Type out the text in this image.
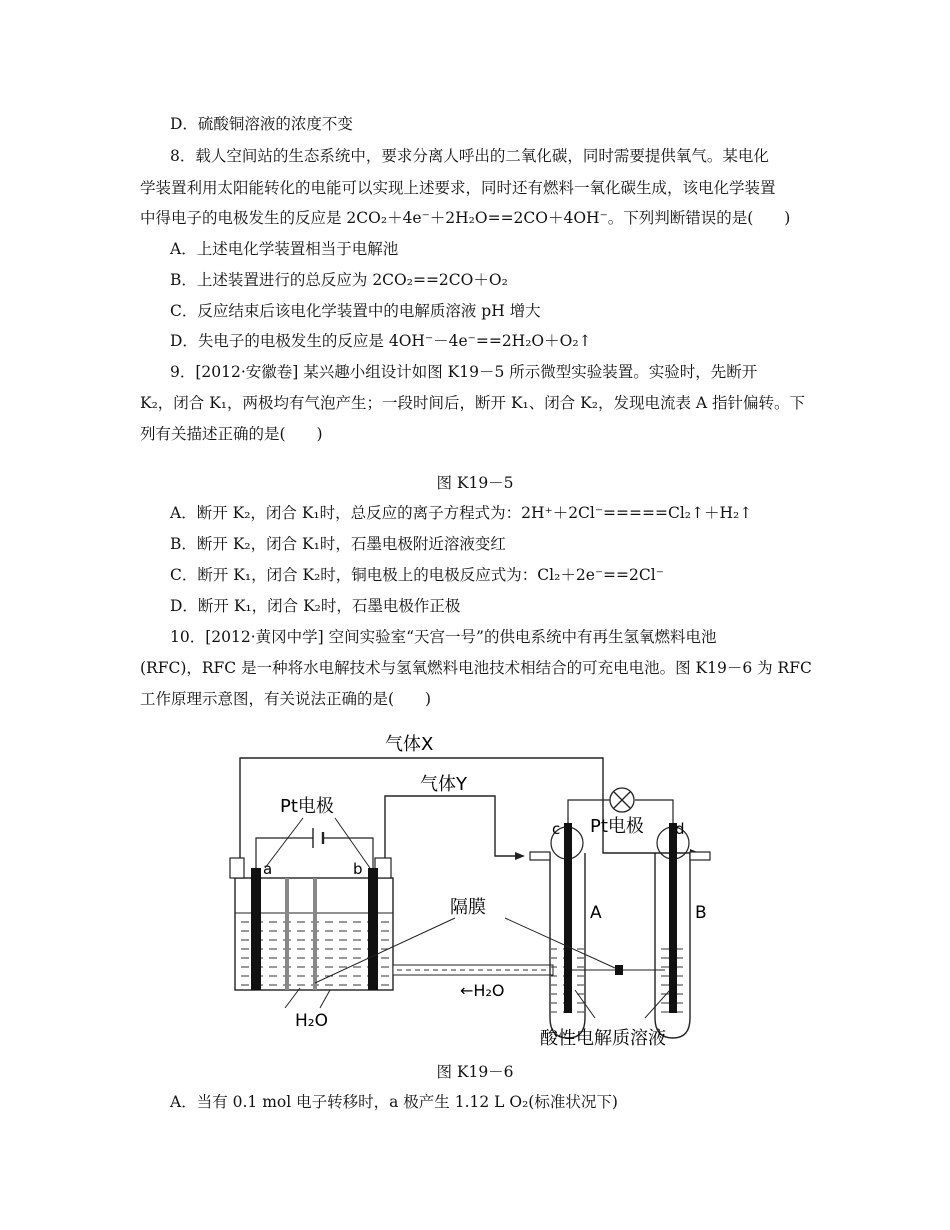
D．硫酸铜溶液的浓度不变
8．载人空间站的生态系统中，要求分离人呼出的二氧化碳，同时需要提供氧气。某电化
学装置利用太阳能转化的电能可以实现上述要求，同时还有燃料一氧化碳生成，该电化学装置
中得电子的电极发生的反应是 2CO₂＋4e⁻＋2H₂O==2CO＋4OH⁻。下列判断错误的是(　　)
A．上述电化学装置相当于电解池
B．上述装置进行的总反应为 2CO₂==2CO＋O₂
C．反应结束后该电化学装置中的电解质溶液 pH 增大
D．失电子的电极发生的反应是 4OH⁻－4e⁻==2H₂O＋O₂↑
9．[2012·安徽卷] 某兴趣小组设计如图 K19－5 所示微型实验装置。实验时，先断开
K₂，闭合 K₁，两极均有气泡产生；一段时间后，断开 K₁、闭合 K₂，发现电流表 A 指针偏转。下
列有关描述正确的是(　　)
图 K19－5
A．断开 K₂，闭合 K₁时，总反应的离子方程式为：2H⁺＋2Cl⁻=====Cl₂↑＋H₂↑
B．断开 K₂，闭合 K₁时，石墨电极附近溶液变红
C．断开 K₁，闭合 K₂时，铜电极上的电极反应式为：Cl₂＋2e⁻==2Cl⁻
D．断开 K₁，闭合 K₂时，石墨电极作正极
10．[2012·黄冈中学] 空间实验室“天宫一号”的供电系统中有再生氢氧燃料电池
(RFC)，RFC 是一种将水电解技术与氢氧燃料电池技术相结合的可充电电池。图 K19－6 为 RFC
工作原理示意图，有关说法正确的是(　　)
气体X
气体Y
Pt电极
Pt电极
a	b
c	d
A	B
隔膜
←H₂O
H₂O
酸性电解质溶液
图 K19－6
A．当有 0.1 mol 电子转移时，a 极产生 1.12 L O₂(标准状况下)
